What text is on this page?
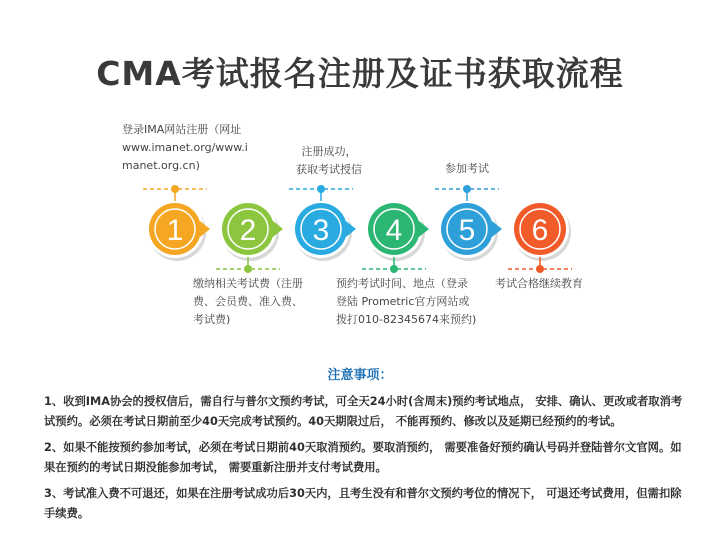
CMA考试报名注册及证书获取流程
1 2 3 4 5 6
登录IMA网站注册（网址
www.imanet.org/www.i
manet.org.cn)
注册成功，
获取考试授信	参加考试
缴纳相关考试费（注册
费、会员费、准入费、
考试费)
预约考试时间、地点（登录
登陆 Prometric官方网站或
拨打010-82345674来预约)
考试合格继续教育
注意事项：
1、收到IMA协会的授权信后，需自行与普尔文预约考试，可全天24小时(含周末)预约考试地点， 安排、确认、更改或者取消考试预约。必须在考试日期前至少40天完成考试预约。40天期限过后， 不能再预约、修改以及延期已经预约的考试。
2、如果不能按预约参加考试，必须在考试日期前40天取消预约。要取消预约， 需要准备好预约确认号码并登陆普尔文官网。如果在预约的考试日期没能参加考试， 需要重新注册并支付考试费用。
3、考试准入费不可退还，如果在注册考试成功后30天内，且考生没有和普尔文预约考位的情况下， 可退还考试费用，但需扣除手续费。
